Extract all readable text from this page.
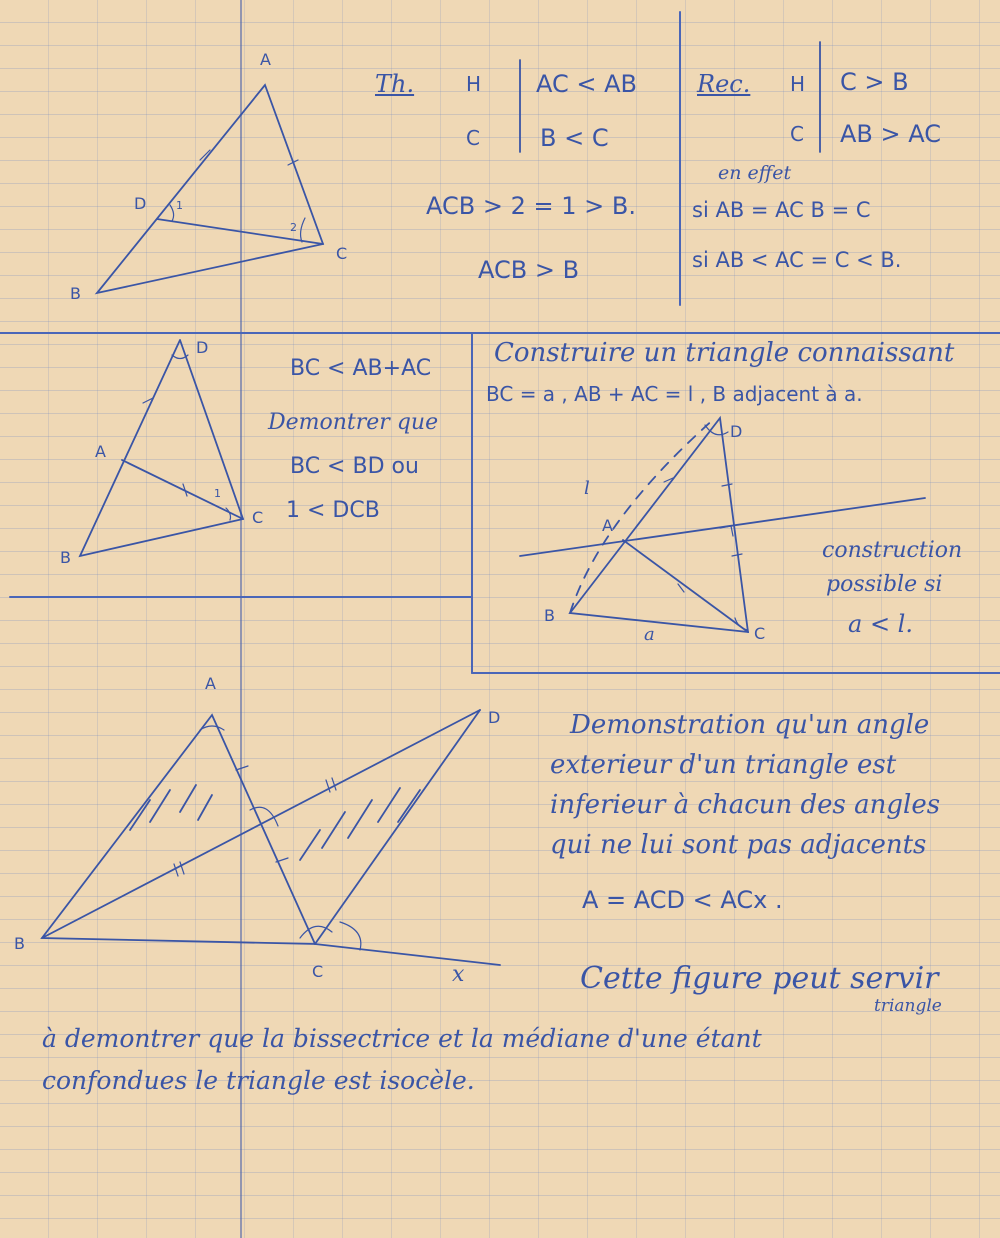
Th.	H
C
AC < AB
B < C
ACB > 2 = 1 > B.
ACB > B
A
B
C
D	1
2
Rec. H
C
C > B
AB > AC
en effet
si AB = AC B = C
si AB < AC = C < B.
BC < AB+AC
Demontrer que
BC < BD ou
1 < DCB
D
A
B
C
1
Construire un triangle connaissant
BC = a , AB + AC = l , B adjacent à a.
construction
possible si
a < l.
D
A
B
C
l
a
Demonstration qu'un angle
exterieur d'un triangle est
inferieur à chacun des angles
qui ne lui sont pas adjacents
A = ACD < ACx .
Cette figure peut servir
triangle
à demontrer que la bissectrice et la médiane d'une étant
confondues le triangle est isocèle.
A
B
C
D
x
